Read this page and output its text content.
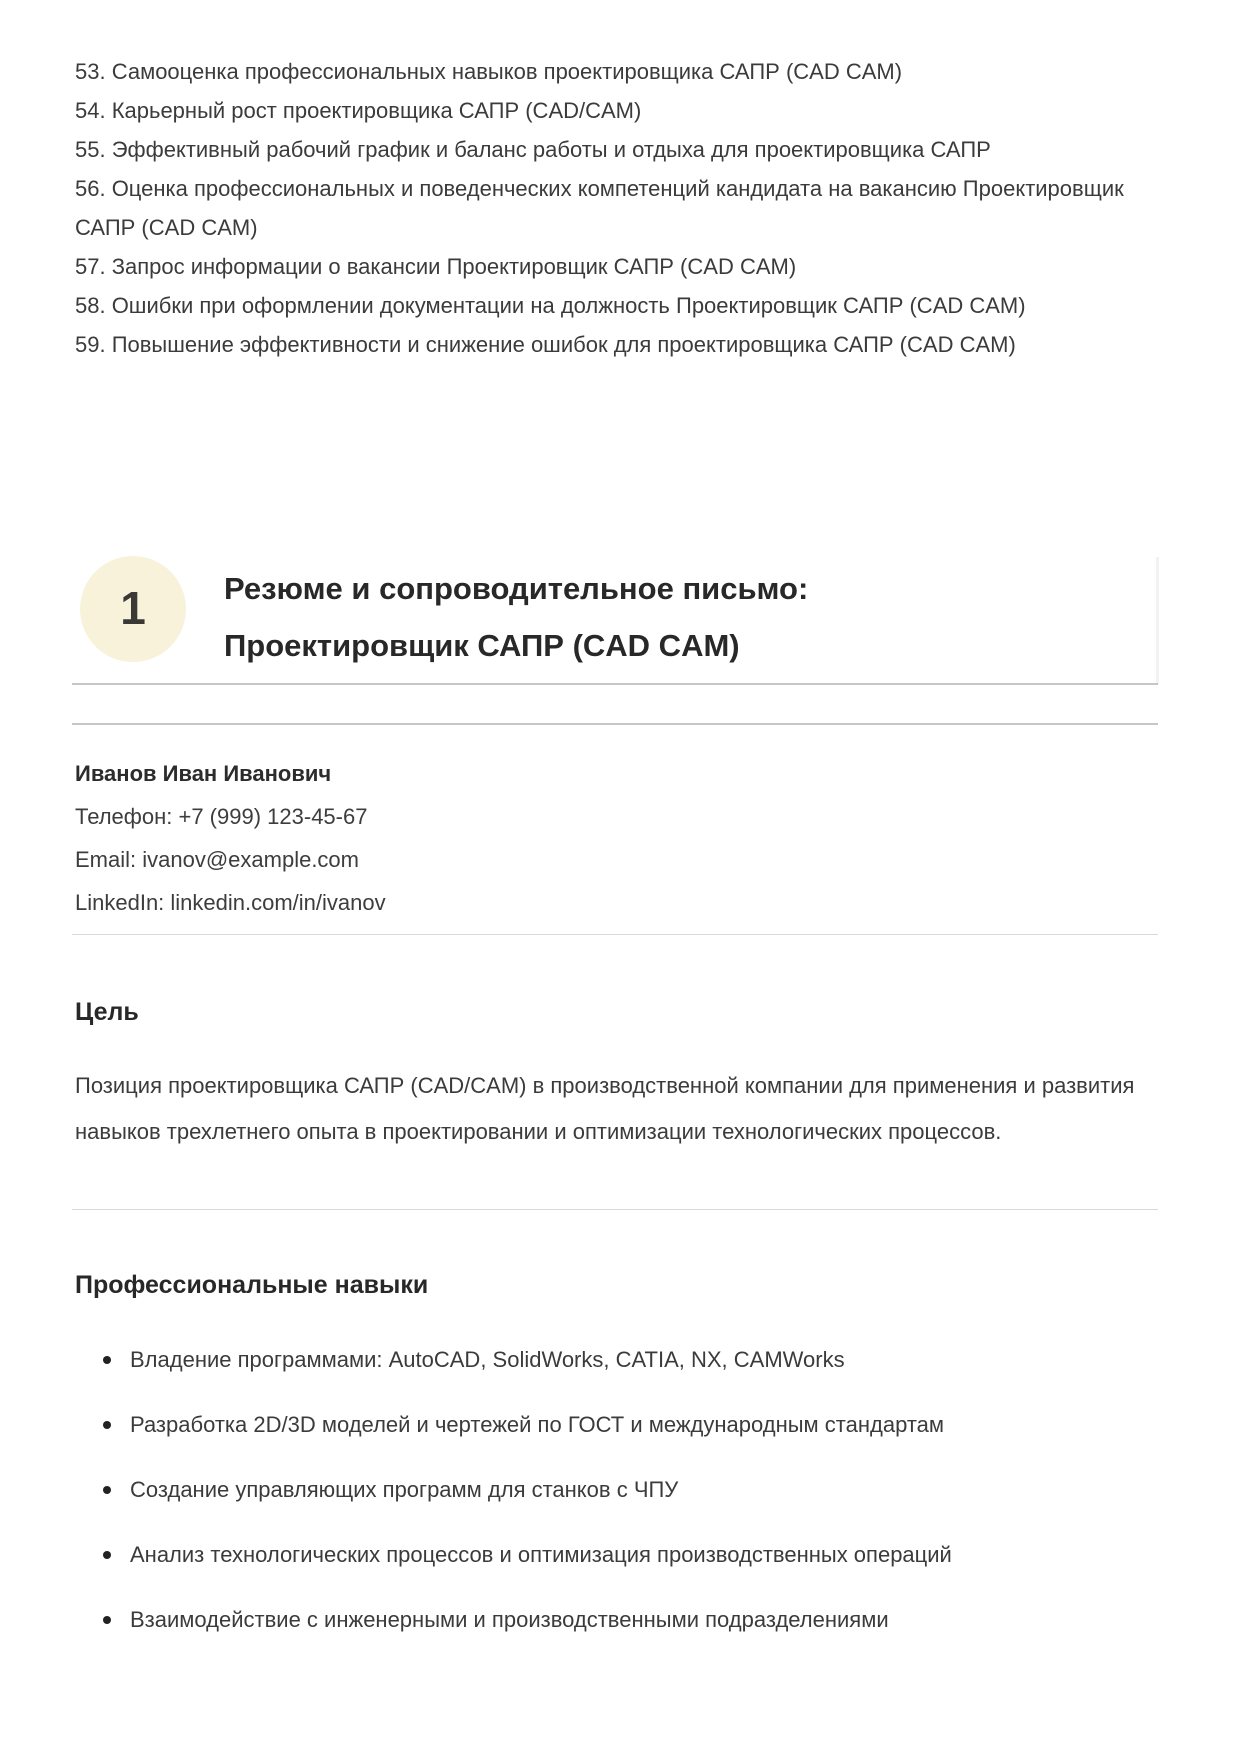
53. Самооценка профессиональных навыков проектировщика САПР (CAD CAM)
54. Карьерный рост проектировщика САПР (CAD/CAM)
55. Эффективный рабочий график и баланс работы и отдыха для проектировщика САПР
56. Оценка профессиональных и поведенческих компетенций кандидата на вакансию Проектировщик САПР (CAD CAM)
57. Запрос информации о вакансии Проектировщик САПР (CAD CAM)
58. Ошибки при оформлении документации на должность Проектировщик САПР (CAD CAM)
59. Повышение эффективности и снижение ошибок для проектировщика САПР (CAD CAM)
1	Резюме и сопроводительное письмо:
Проектировщик САПР (CAD CAM)
Иванов Иван Иванович
Телефон: +7 (999) 123-45-67
Email: ivanov@example.com
LinkedIn: linkedin.com/in/ivanov
Цель

Позиция проектировщика САПР (CAD/CAM) в производственной компании для применения и развития навыков трехлетнего опыта в проектировании и оптимизации технологических процессов.

Профессиональные навыки
Владение программами: AutoCAD, SolidWorks, CATIA, NX, CAMWorks
Разработка 2D/3D моделей и чертежей по ГОСТ и международным стандартам
Создание управляющих программ для станков с ЧПУ
Анализ технологических процессов и оптимизация производственных операций
Взаимодействие с инженерными и производственными подразделениями
